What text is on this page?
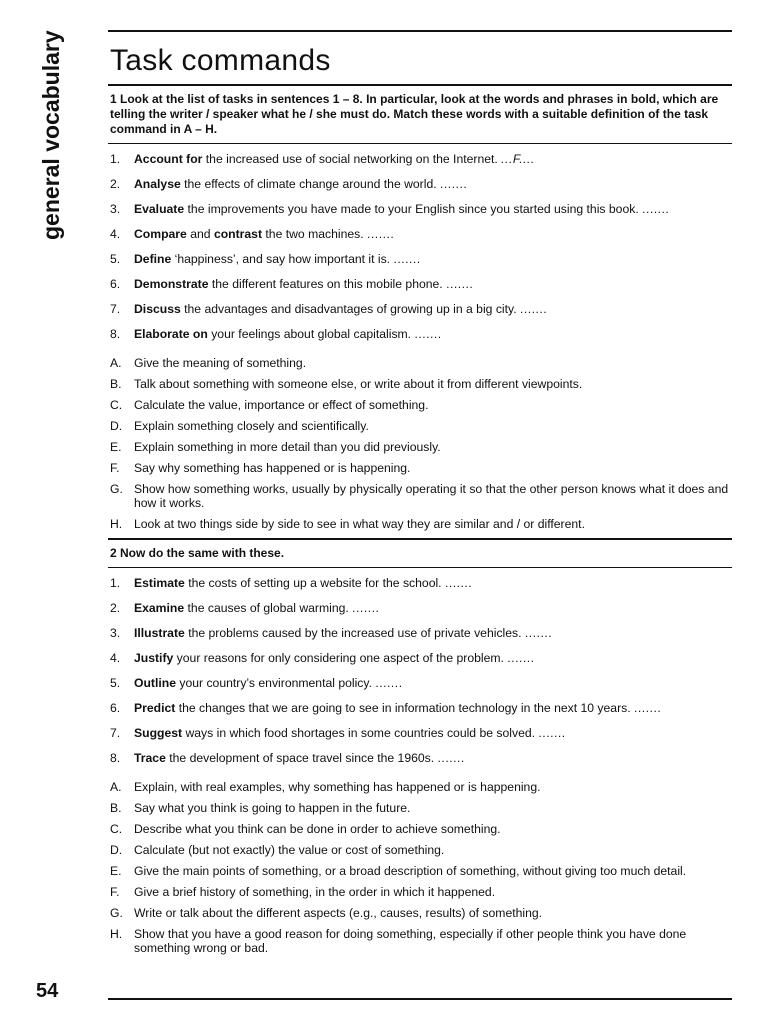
general vocabulary Task commands

1 Look at the list of tasks in sentences 1 – 8. In particular, look at the words and phrases in bold, which are telling the writer / speaker what he / she must do. Match these words with a suitable definition of the task command in A – H.

1.	Account for the increased use of social networking on the Internet. ...F....
2.	Analyse the effects of climate change around the world. .......
3.	Evaluate the improvements you have made to your English since you started using this book. .......
4.	Compare and contrast the two machines. .......
5.	Define ‘happiness’, and say how important it is. .......
6.	Demonstrate the different features on this mobile phone. .......
7.	Discuss the advantages and disadvantages of growing up in a big city. .......
8.	Elaborate on your feelings about global capitalism. .......
A.	Give the meaning of something.
B.	Talk about something with someone else, or write about it from different viewpoints.
C. Calculate the value, importance or effect of something.
D. Explain something closely and scientifically.
E.	Explain something in more detail than you did previously.
F.	Say why something has happened or is happening.
G. Show how something works, usually by physically operating it so that the other person knows what it does and how it works.
H. Look at two things side by side to see in what way they are similar and / or different.

2 Now do the same with these.

1.	Estimate the costs of setting up a website for the school. .......
2.	Examine the causes of global warming. .......
3.	Illustrate the problems caused by the increased use of private vehicles. .......
4.	Justify your reasons for only considering one aspect of the problem. .......
5.	Outline your country’s environmental policy. .......
6.	Predict the changes that we are going to see in information technology in the next 10 years. .......
7.	Suggest ways in which food shortages in some countries could be solved. .......
8.	Trace the development of space travel since the 1960s. .......
A.	Explain, with real examples, why something has happened or is happening.
B.	Say what you think is going to happen in the future.
C. Describe what you think can be done in order to achieve something.
D. Calculate (but not exactly) the value or cost of something.
E.	Give the main points of something, or a broad description of something, without giving too much detail.
F.	Give a brief history of something, in the order in which it happened.
G. Write or talk about the different aspects (e.g., causes, results) of something.
H. Show that you have a good reason for doing something, especially if other people think you have done something wrong or bad.
54
